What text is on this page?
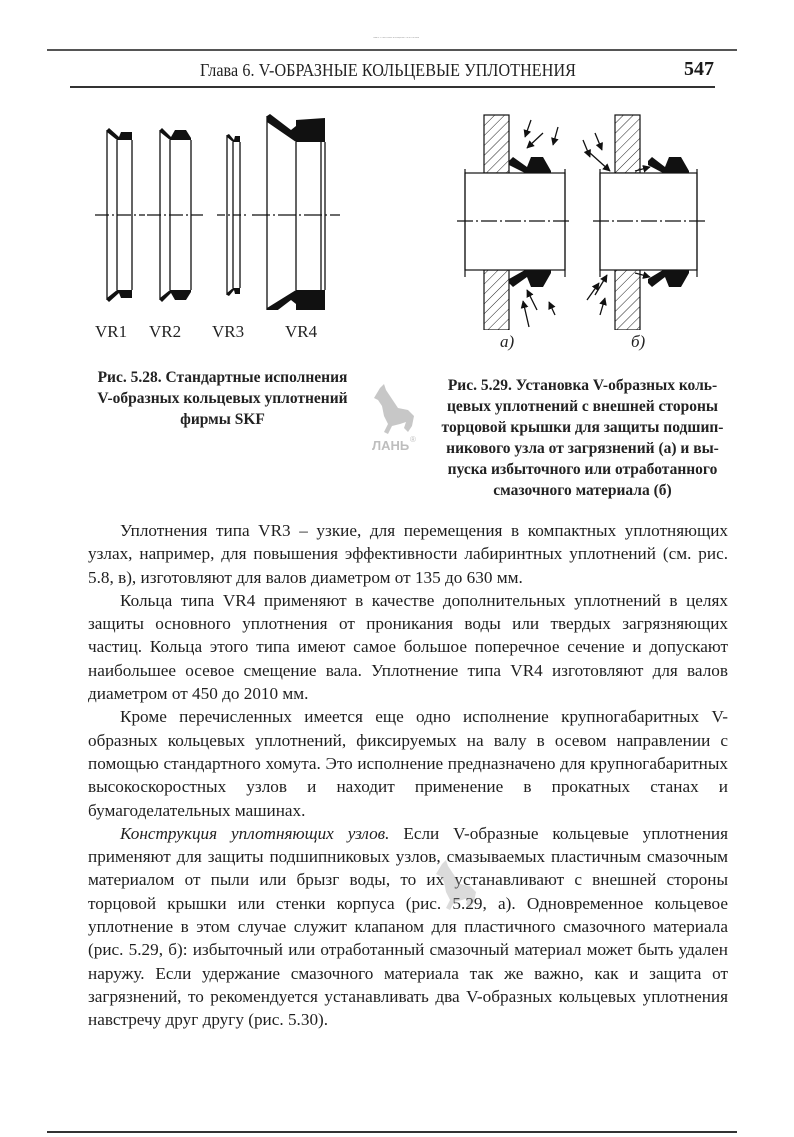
Глава 6. V-ОБРАЗНЫЕ КОЛЬЦЕВЫЕ УПЛОТНЕНИЯ
Глава 6. V-ОБРАЗНЫЕ КОЛЬЦЕВЫЕ УПЛОТНЕНИЯ	547
VR1 VR2 VR3 VR4
а)	б)
Рис. 5.28. Стандартные исполнения
V-образных кольцевых уплотнений
фирмы SKF
ЛАНЬ ®
Рис. 5.29. Установка V-образных коль-
цевых уплотнений с внешней стороны
торцовой крышки для защиты подшип-
никового узла от загрязнений (а) и вы-
пуска избыточного или отработанного
смазочного материала (б)

Уплотнения типа VR3 – узкие, для перемещения в компактных уплотняющих узлах, например, для повышения эффективности лабиринтных уплотнений (см. рис. 5.8, в), изготовляют для валов диаметром от 135 до 630 мм.

Кольца типа VR4 применяют в качестве дополнительных уплотнений в целях защиты основного уплотнения от проникания воды или твердых загрязняющих частиц. Кольца этого типа имеют самое большое поперечное сечение и допускают наибольшее осевое смещение вала. Уплотнение типа VR4 изготовляют для валов диаметром от 450 до 2010 мм.

Кроме перечисленных имеется еще одно исполнение крупногабаритных V-образных кольцевых уплотнений, фиксируемых на валу в осевом направлении с помощью стандартного хомута. Это исполнение предназначено для крупногабаритных высокоскоростных узлов и находит применение в прокатных станах и бумагоделательных машинах.

Конструкция уплотняющих узлов. Если V-образные кольцевые уплотнения применяют для защиты подшипниковых узлов, смазываемых пластичным смазочным материалом от пыли или брызг воды, то их устанавливают с внешней стороны торцовой крышки или стенки корпуса (рис. 5.29, а). Одновременное кольцевое уплотнение в этом случае служит клапаном для пластичного смазочного материала (рис. 5.29, б): избыточный или отработанный смазочный материал может быть удален наружу. Если удержание смазочного материала так же важно, как и защита от загрязнений, то рекомендуется устанавливать два V-образных кольцевых уплотнения навстречу друг другу (рис. 5.30).
